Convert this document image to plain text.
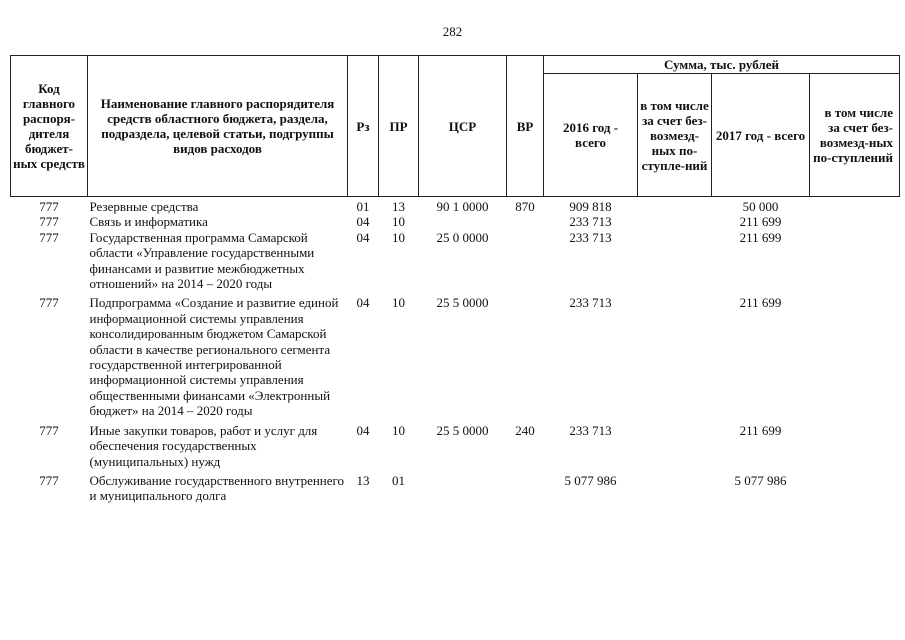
282
Код главного распоря-дителя бюджет-ных средств	Наименование главного распорядителя средств областного бюджета, раздела, подраздела, целевой статьи, подгруппы видов расходов	Рз	ПР	ЦСР	ВР	Сумма, тыс. рублей			
						2016 год - всего	в том числе за счет без-возмезд-ных по-ступле-ний	2017 год - всего	в том числе за счет без-возмезд-ных по-ступлений
777	Резервные средства	01	13	90 1 0000	870	909 818		50 000	
777	Связь и информатика	04	10			233 713		211 699	
777	Государственная программа Самарской области «Управление государственными финансами и развитие межбюджетных отношений» на 2014 – 2020 годы	04	10	25 0 0000		233 713		211 699	
777	Подпрограмма «Создание и развитие единой информационной системы управления консолидированным бюджетом Самарской области в качестве регионального сегмента государственной интегрированной информационной системы управления общественными финансами «Электронный бюджет» на 2014 – 2020 годы	04	10	25 5 0000		233 713		211 699	
777	Иные закупки товаров, работ и услуг для обеспечения государственных (муниципальных) нужд	04	10	25 5 0000	240	233 713		211 699	
777	Обслуживание государственного внутреннего и муниципального долга	13	01			5 077 986		5 077 986	
